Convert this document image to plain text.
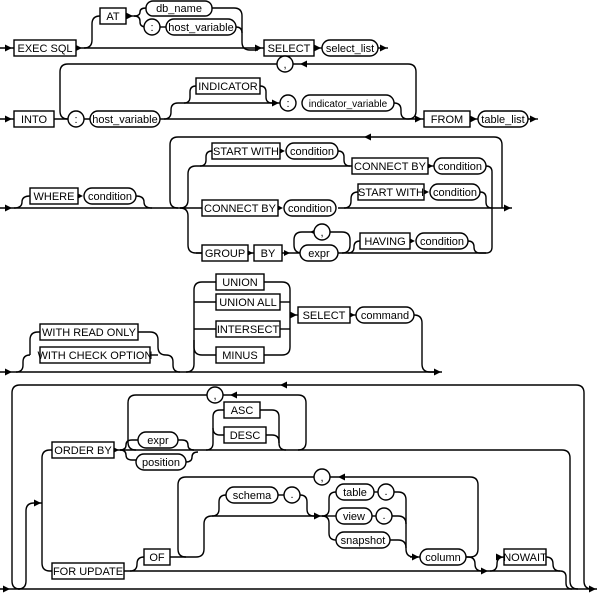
EXEC SQL
AT
SELECT
INTO
INDICATOR
FROM
WHERE
START WITH
CONNECT BY
CONNECT BY
START WITH
GROUP BY
HAVING
WITH READ ONLY
WITH CHECK OPTION
UNION
UNION ALL
INTERSECT
MINUS
SELECT
ORDER BY
ASC
DESC
FOR UPDATE
OF	NOWAIT
db_name
host_variable
select_list
host_variable
indicator_variable
table_list
condition
condition
condition
condition
condition
expr
condition
command
expr
position
schema	table
view
snapshot
column
:
,
:
:
,
,
.	.
.
,
